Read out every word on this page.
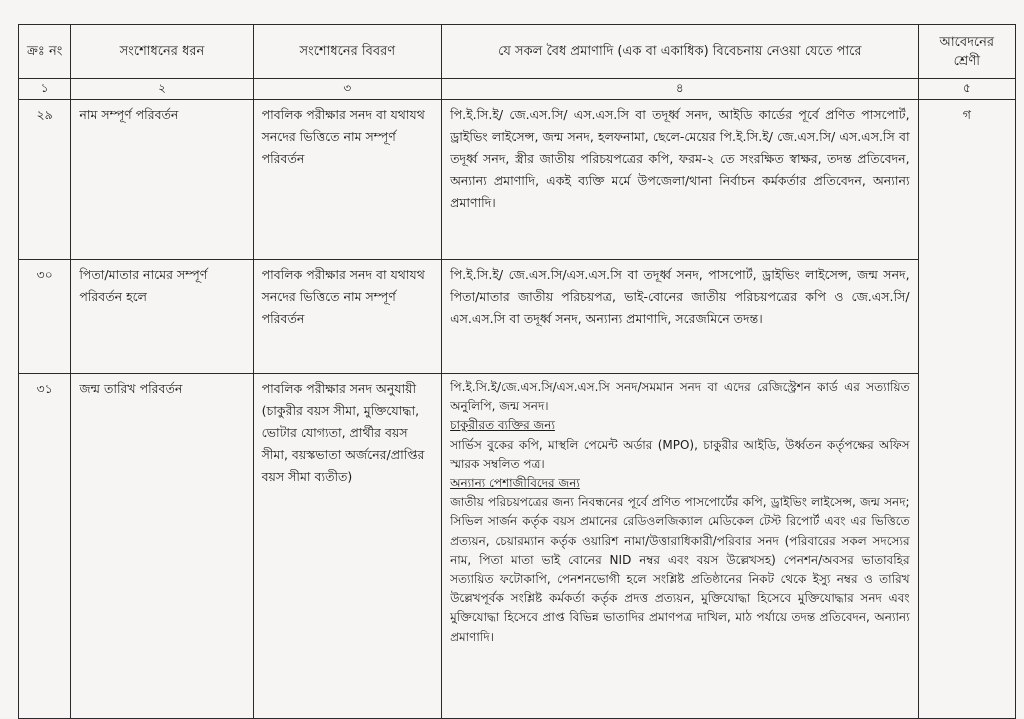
ক্রঃ নং	সংশোধনের ধরন	সংশোধনের বিবরণ	যে সকল বৈধ প্রমাণাদি (এক বা একাধিক) বিবেচনায় নেওয়া যেতে পারে	আবেদনের শ্রেণী
১	২	৩	৪	৫
২৯	নাম সম্পূর্ণ পরিবর্তন	পাবলিক পরীক্ষার সনদ বা যথাযথ সনদের ভিত্তিতে নাম সম্পূর্ণ পরিবর্তন	পি.ই.সি.ই/ জে.এস.সি/ এস.এস.সি বা তদূর্ধ্ব সনদ, আইডি কার্ডের পূর্বে প্রণিত পাসপোর্ট, ড্রাইভিং লাইসেন্স, জন্ম সনদ, হলফনামা, ছেলে-মেয়ের পি.ই.সি.ই/ জে.এস.সি/ এস.এস.সি বা তদূর্ধ্ব সনদ, স্ত্রীর জাতীয় পরিচয়পত্রের কপি, ফরম-২ তে সংরক্ষিত স্বাক্ষর, তদন্ত প্রতিবেদন, অন্যান্য প্রমাণাদি, একই ব্যক্তি মর্মে উপজেলা/থানা নির্বাচন কর্মকর্তার প্রতিবেদন, অন্যান্য প্রমাণাদি।	গ
৩০	পিতা/মাতার নামের সম্পূর্ণ পরিবর্তন হলে	পাবলিক পরীক্ষার সনদ বা যথাযথ সনদের ভিত্তিতে নাম সম্পূর্ণ পরিবর্তন	পি.ই.সি.ই/ জে.এস.সি/এস.এস.সি বা তদূর্ধ্ব সনদ, পাসপোর্ট, ড্রাইভিং লাইসেন্স, জন্ম সনদ, পিতা/মাতার জাতীয় পরিচয়পত্র, ভাই-বোনের জাতীয় পরিচয়পত্রের কপি ও জে.এস.সি/এস.এস.সি বা তদূর্ধ্ব সনদ, অন্যান্য প্রমাণাদি, সরেজমিনে তদন্ত।	
৩১	জন্ম তারিখ পরিবর্তন	পাবলিক পরীক্ষার সনদ অনুযায়ী (চাকুরীর বয়স সীমা, মুক্তিযোদ্ধা, ভোটার যোগ্যতা, প্রার্থীর বয়স সীমা, বয়স্কভাতা অর্জনের/প্রাপ্তির বয়স সীমা ব্যতীত)	পি.ই.সি.ই/জে.এস.সি/এস.এস.সি সনদ/সমমান সনদ বা এদের রেজিস্ট্রেশন কার্ড এর সত্যায়িত অনুলিপি, জন্ম সনদ।
চাকুরীরত ব্যক্তির জন্য
সার্ভিস বুকের কপি, মাস্থলি পেমেন্ট অর্ডার (MPO), চাকুরীর আইডি, উর্ধ্বতন কর্তৃপক্ষের অফিস স্মারক সম্বলিত পত্র।
অন্যান্য পেশাজীবিদের জন্য
জাতীয় পরিচয়পত্রের জন্য নিবন্ধনের পূর্বে প্রণিত পাসপোর্টের কপি, ড্রাইভিং লাইসেন্স, জন্ম সনদ; সিভিল সার্জন কর্তৃক বয়স প্রমানের রেডিওলজিক্যাল মেডিকেল টেস্ট রিপোর্ট এবং এর ভিত্তিতে প্রত্যয়ন, চেয়ারম্যান কর্তৃক ওয়ারিশ নামা/উত্তারাধিকারী/পরিবার সনদ (পরিবারের সকল সদস্যের নাম, পিতা মাতা ভাই বোনের NID নম্বর এবং বয়স উল্লেখসহ) পেনশন/অবসর ভাতাবহির সত্যায়িত ফটোকাপি, পেনশনভোগী হলে সংশ্লিষ্ট প্রতিষ্ঠানের নিকট থেকে ইস্যু নম্বর ও তারিখ উল্লেখপূর্বক সংশ্লিষ্ট কর্মকর্তা কর্তৃক প্রদত্ত প্রত্যয়ন, মুক্তিযোদ্ধা হিসেবে মুক্তিযোদ্ধার সনদ এবং মুক্তিযোদ্ধা হিসেবে প্রাপ্ত বিভিন্ন ভাতাদির প্রমাণপত্র দাখিল, মাঠ পর্যায়ে তদন্ত প্রতিবেদন, অন্যান্য প্রমাণাদি।	
